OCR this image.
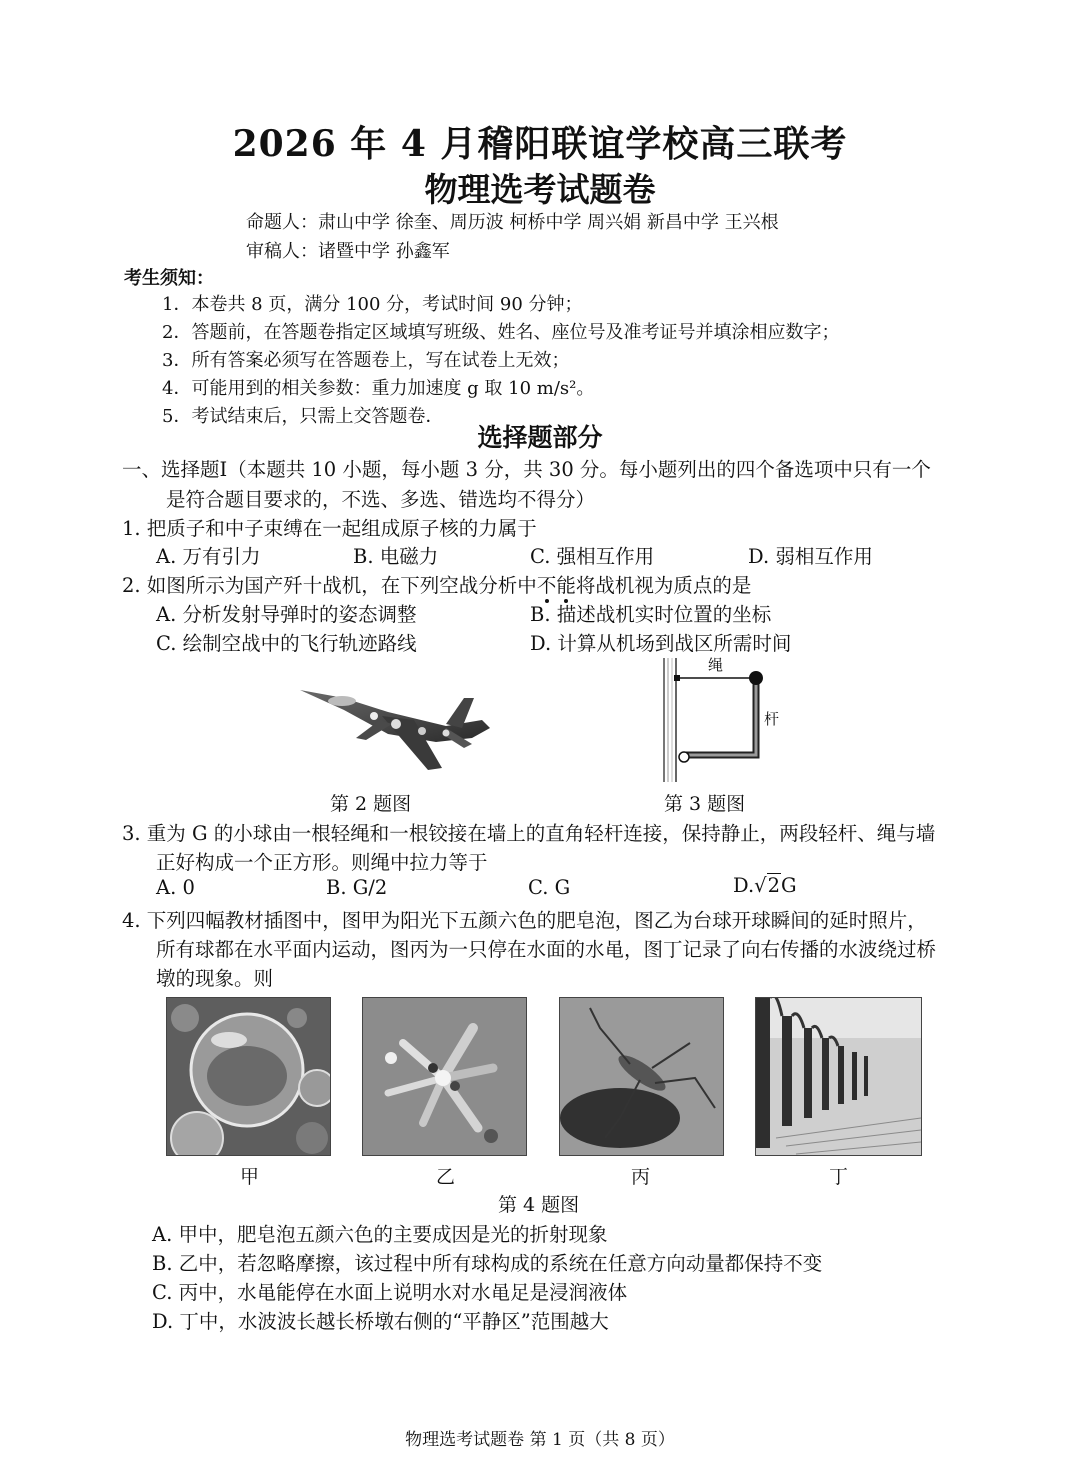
2026 年 4 月稽阳联谊学校高三联考
物理选考试题卷
命题人：肃山中学 徐奎、周历波 柯桥中学 周兴娟 新昌中学 王兴根
审稿人：诸暨中学 孙鑫军
考生须知：
1．本卷共 8 页，满分 100 分，考试时间 90 分钟；
2．答题前，在答题卷指定区域填写班级、姓名、座位号及准考证号并填涂相应数字；
3．所有答案必须写在答题卷上，写在试卷上无效；
4．可能用到的相关参数：重力加速度 g 取 10 m/s²。
5．考试结束后，只需上交答题卷．
选择题部分
一、选择题Ⅰ（本题共 10 小题，每小题 3 分，共 30 分。每小题列出的四个备选项中只有一个
是符合题目要求的，不选、多选、错选均不得分）
1. 把质子和中子束缚在一起组成原子核的力属于
A. 万有引力	B. 电磁力	C. 强相互作用	D. 弱相互作用
2. 如图所示为国产歼十战机，在下列空战分析中不能将战机视为质点的是
A. 分析发射导弹时的姿态调整	B. 描述战机实时位置的坐标
C. 绘制空战中的飞行轨迹路线	D. 计算从机场到战区所需时间
第 2 题图
绳
杆
第 3 题图
3. 重为 G 的小球由一根轻绳和一根铰接在墙上的直角轻杆连接，保持静止，两段轻杆、绳与墙
正好构成一个正方形。则绳中拉力等于
A. 0	B. G/2	C. G	D.√2G
4. 下列四幅教材插图中，图甲为阳光下五颜六色的肥皂泡，图乙为台球开球瞬间的延时照片，
所有球都在水平面内运动，图丙为一只停在水面的水黾，图丁记录了向右传播的水波绕过桥
墩的现象。则
甲	乙	丙	丁
第 4 题图
A. 甲中，肥皂泡五颜六色的主要成因是光的折射现象
B. 乙中，若忽略摩擦，该过程中所有球构成的系统在任意方向动量都保持不变
C. 丙中，水黾能停在水面上说明水对水黾足是浸润液体
D. 丁中，水波波长越长桥墩右侧的“平静区”范围越大
物理选考试题卷 第 1 页（共 8 页）
